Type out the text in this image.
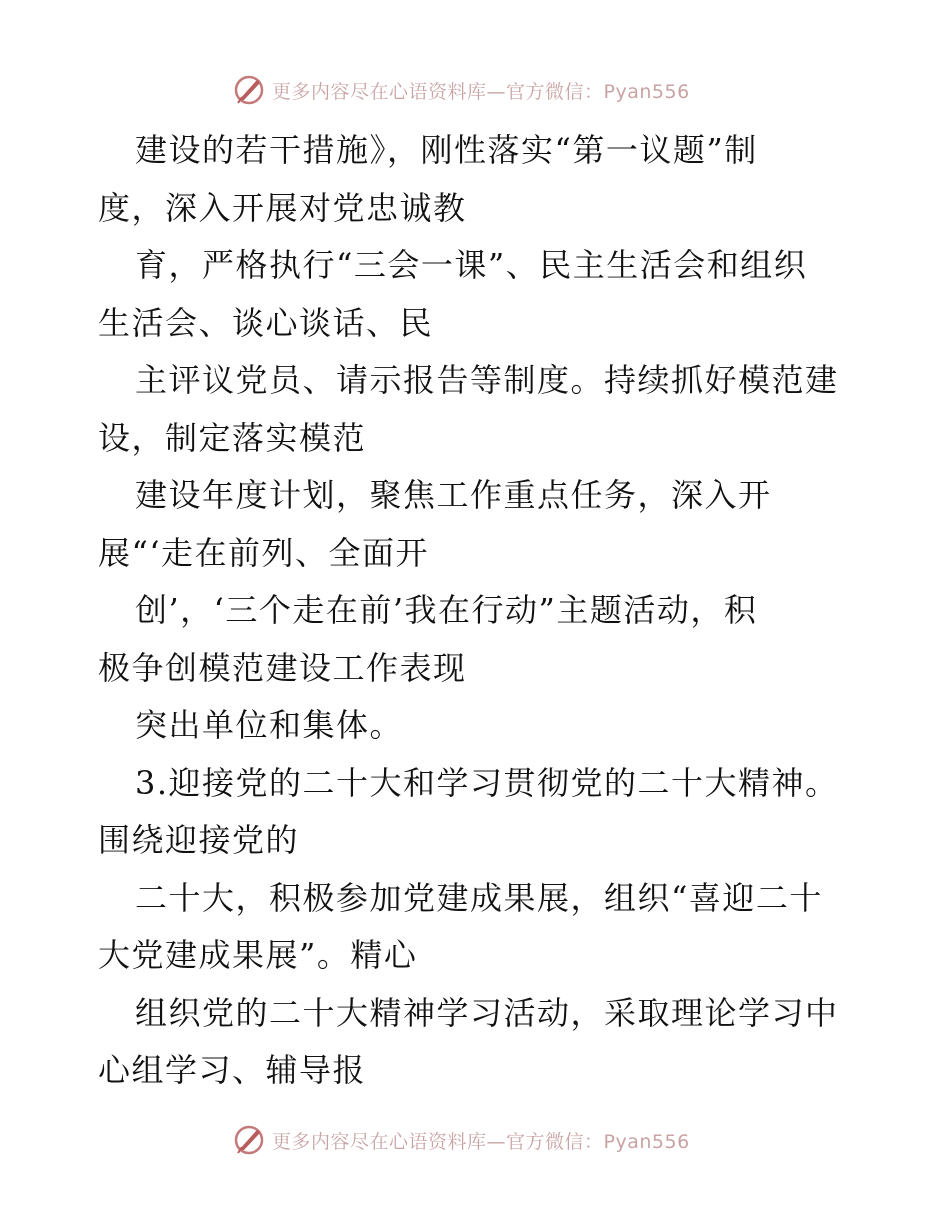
更多内容尽在心语资料库—官方微信：Pyan556
建设的若干措施》，刚性落实“第一议题”制
度，深入开展对党忠诚教
育，严格执行“三会一课”、民主生活会和组织
生活会、谈心谈话、民
主评议党员、请示报告等制度。持续抓好模范建
设，制定落实模范
建设年度计划，聚焦工作重点任务，深入开
展“‘走在前列、全面开
创’，‘三个走在前’我在行动”主题活动，积
极争创模范建设工作表现
突出单位和集体。
3.迎接党的二十大和学习贯彻党的二十大精神。
围绕迎接党的
二十大，积极参加党建成果展，组织“喜迎二十
大党建成果展”。精心
组织党的二十大精神学习活动，采取理论学习中
心组学习、辅导报
更多内容尽在心语资料库—官方微信：Pyan556
